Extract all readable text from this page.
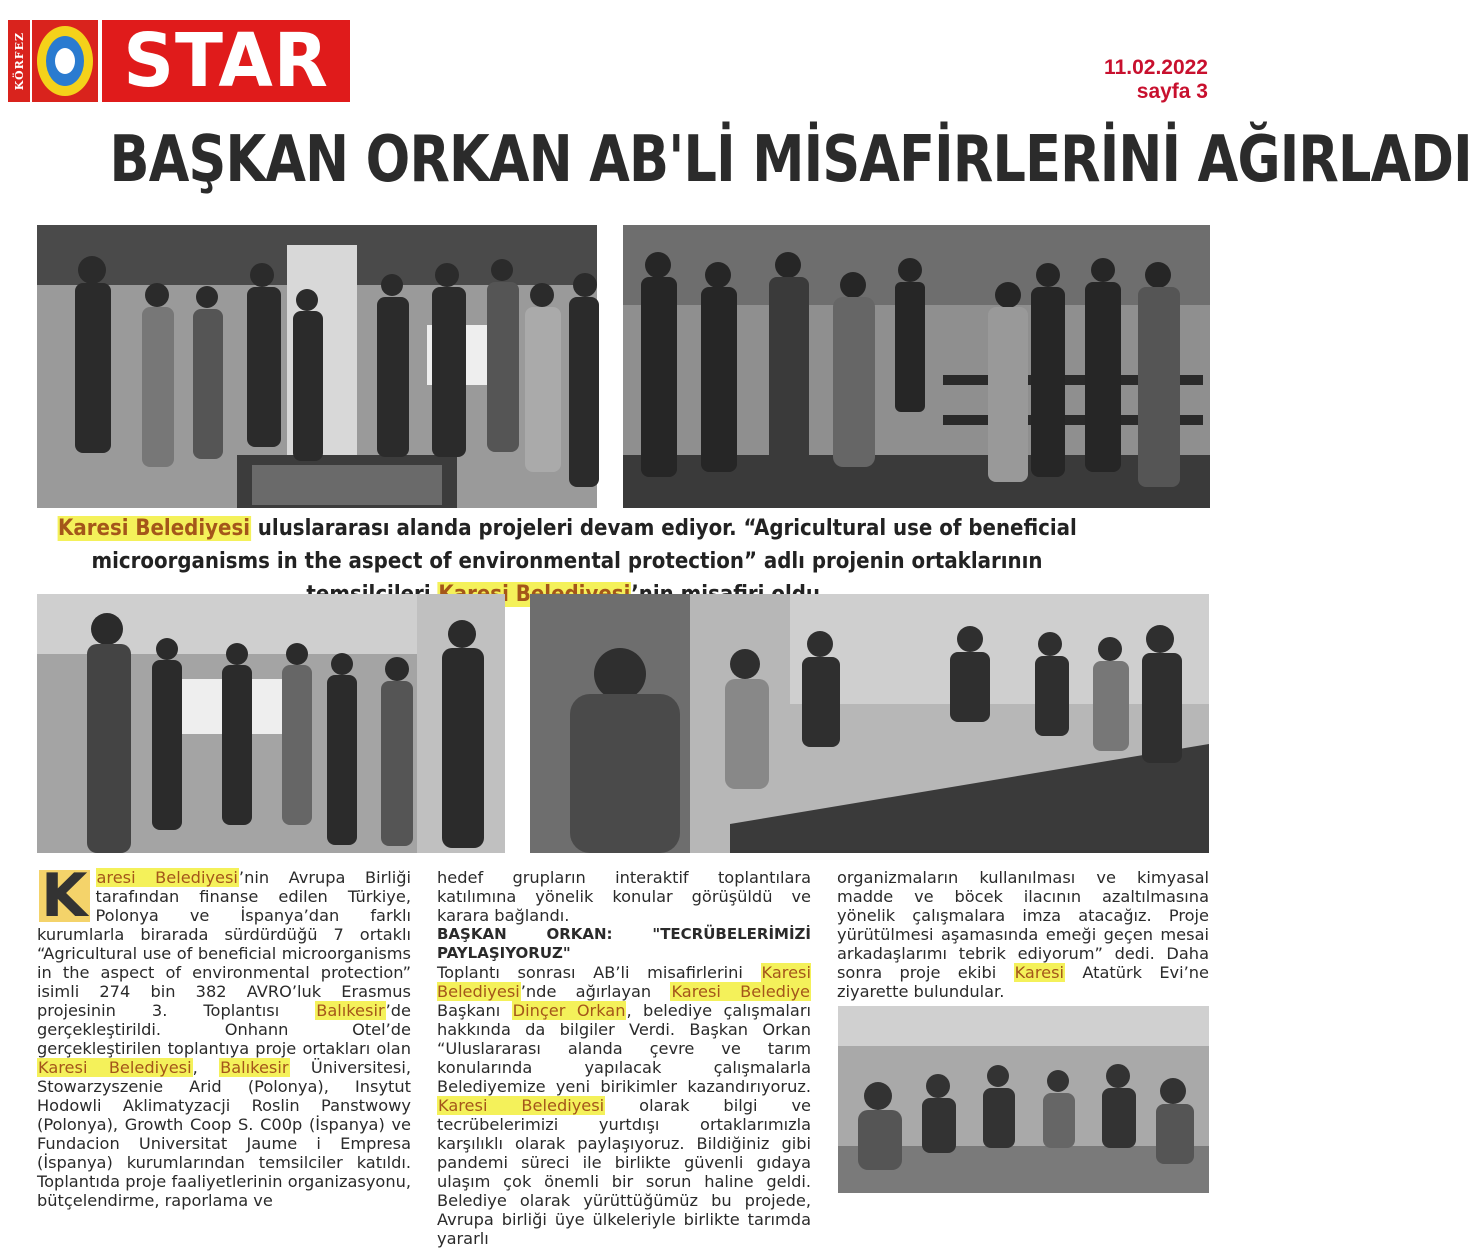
KÖRFEZ STAR	11.02.2022
sayfa 3
BAŞKAN ORKAN AB'Lİ MİSAFİRLERİNİ AĞIRLADI
Karesi Belediyesi uluslararası alanda projeleri devam ediyor. “Agricultural use of beneficial microorganisms in the aspect of environmental protection” adlı projenin ortaklarının

K aresi Belediyesi’nin Avrupa Birliği tarafından finanse edilen Türkiye, Polonya ve İspanya’dan farklı kurumlarla birarada sürdürdüğü 7 ortaklı “Agricultural use of beneficial microorganisms in the aspect of environmental protection” isimli 274 bin 382 AVRO’luk Erasmus projesinin 3. Toplantısı Balıkesir’de gerçekleştirildi. Onhann Otel’de gerçekleştirilen toplantıya proje ortakları olan Karesi Belediyesi, Balıkesir Üniversitesi, Stowarzyszenie Arid (Polonya), Insytut Hodowli Aklimatyzacji Roslin Panstwowy (Polonya), Growth Coop S. C00p (İspanya) ve Fundacion Universitat Jaume i Empresa (İspanya) kurumlarından temsilciler katıldı. Toplantıda proje faaliyetlerinin organizasyonu, bütçelendirme, raporlama ve

hedef grupların interaktif toplantılara katılımına yönelik konular görüşüldü ve karara bağlandı.

BAŞKAN ORKAN: "TECRÜBELERİMİZİ PAYLAŞIYORUZ"

Toplantı sonrası AB’li misafirlerini Karesi Belediyesi’nde ağırlayan Karesi Belediye Başkanı Dinçer Orkan, belediye çalışmaları hakkında da bilgiler Verdi. Başkan Orkan “Uluslararası alanda çevre ve tarım konularında yapılacak çalışmalarla Belediyemize yeni birikimler kazandırıyoruz. Karesi Belediyesi olarak bilgi ve tecrübelerimizi yurtdışı ortaklarımızla karşılıklı olarak paylaşıyoruz. Bildiğiniz gibi pandemi süreci ile birlikte güvenli gıdaya ulaşım çok önemli bir sorun haline geldi. Belediye olarak yürüttüğümüz bu projede, Avrupa birliği üye ülkeleriyle birlikte tarımda yararlı

organizmaların kullanılması ve kimyasal madde ve böcek ilacının azaltılmasına yönelik çalışmalara imza atacağız. Proje yürütülmesi aşamasında emeği geçen mesai arkadaşlarımı tebrik ediyorum” dedi. Daha sonra proje ekibi Karesi Atatürk Evi’ne ziyarette bulundular.
